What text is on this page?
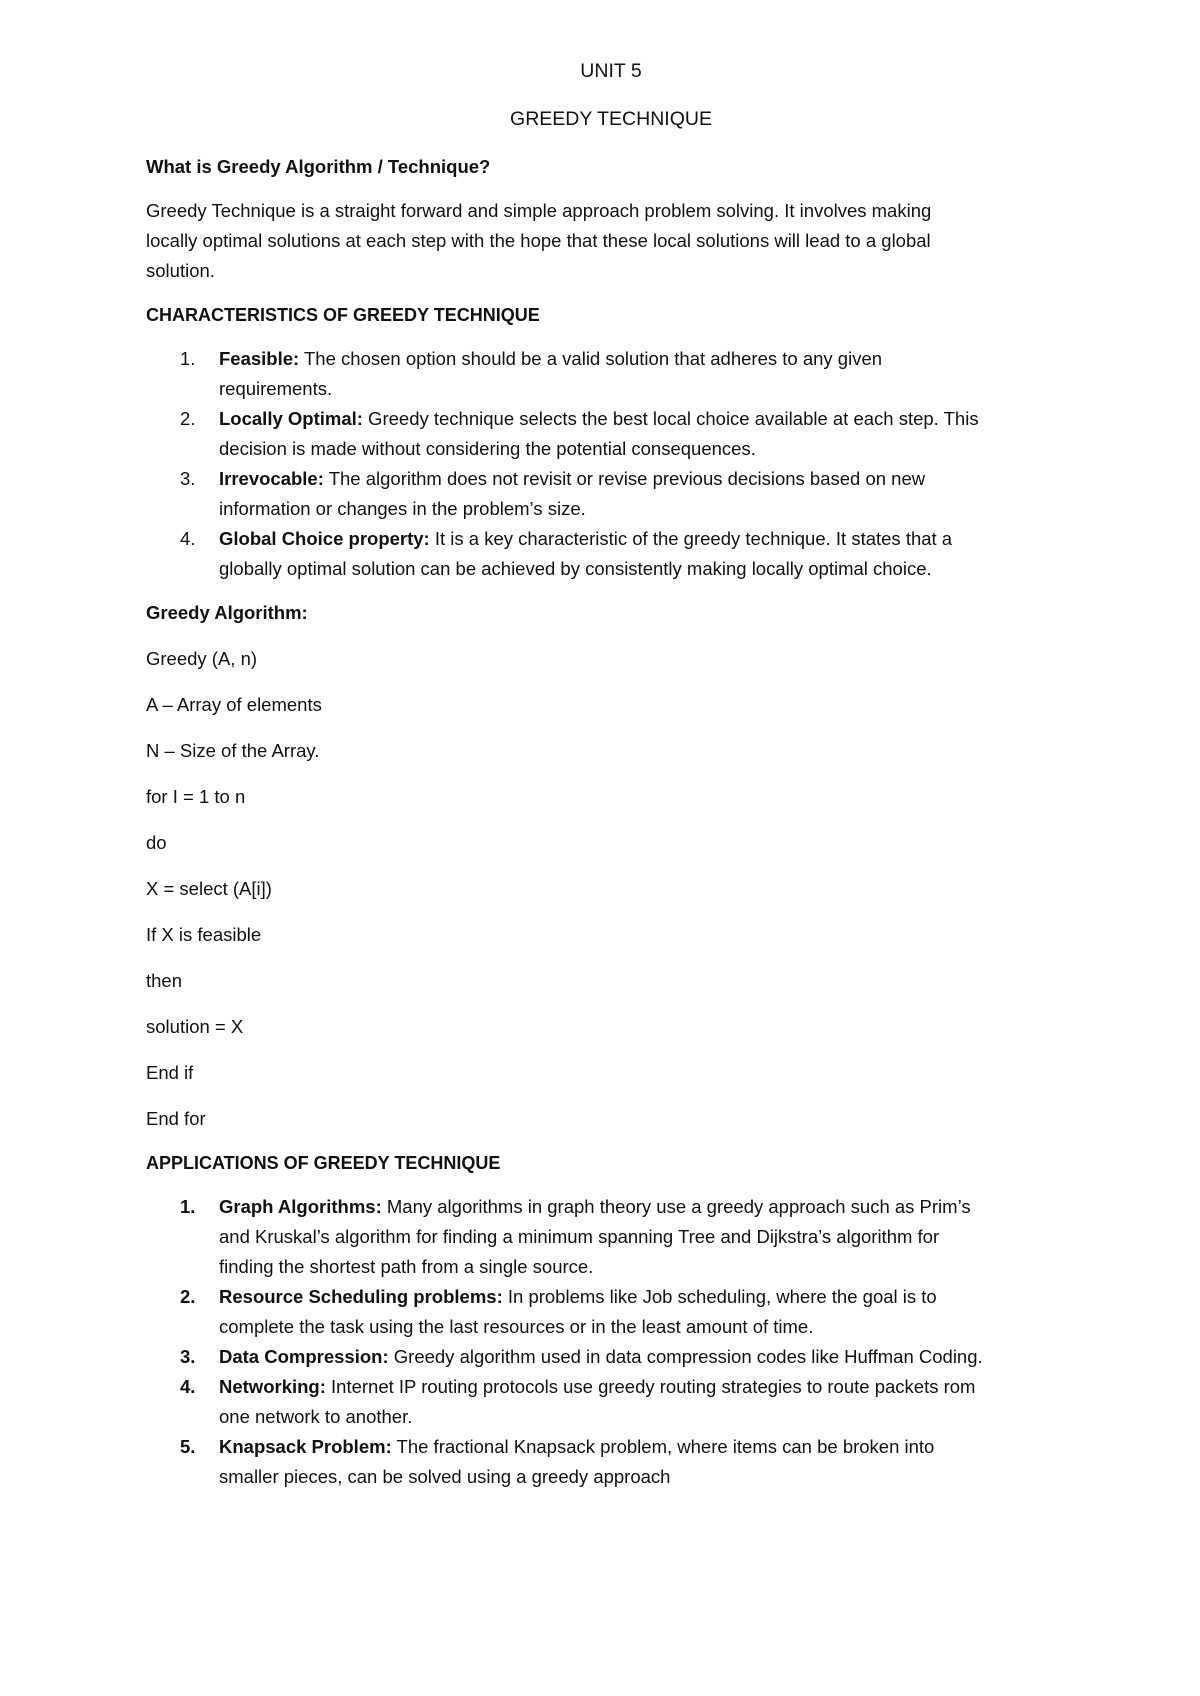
UNIT 5

GREEDY TECHNIQUE

What is Greedy Algorithm / Technique?

Greedy Technique is a straight forward and simple approach problem solving. It involves making
locally optimal solutions at each step with the hope that these local solutions will lead to a global
solution.

CHARACTERISTICS OF GREEDY TECHNIQUE

1. Feasible: The chosen option should be a valid solution that adheres to any given
requirements.
2. Locally Optimal: Greedy technique selects the best local choice available at each step. This
decision is made without considering the potential consequences.
3. Irrevocable: The algorithm does not revisit or revise previous decisions based on new
information or changes in the problem’s size.
4. Global Choice property: It is a key characteristic of the greedy technique. It states that a
globally optimal solution can be achieved by consistently making locally optimal choice.

Greedy Algorithm:

Greedy (A, n)

A – Array of elements

N – Size of the Array.

for I = 1 to n

do

X = select (A[i])

If X is feasible

then

solution = X

End if

End for

APPLICATIONS OF GREEDY TECHNIQUE

1. Graph Algorithms: Many algorithms in graph theory use a greedy approach such as Prim’s
and Kruskal’s algorithm for finding a minimum spanning Tree and Dijkstra’s algorithm for
finding the shortest path from a single source.
2. Resource Scheduling problems: In problems like Job scheduling, where the goal is to
complete the task using the last resources or in the least amount of time.
3. Data Compression: Greedy algorithm used in data compression codes like Huffman Coding.
4. Networking: Internet IP routing protocols use greedy routing strategies to route packets rom
one network to another.
5. Knapsack Problem: The fractional Knapsack problem, where items can be broken into
smaller pieces, can be solved using a greedy approach
